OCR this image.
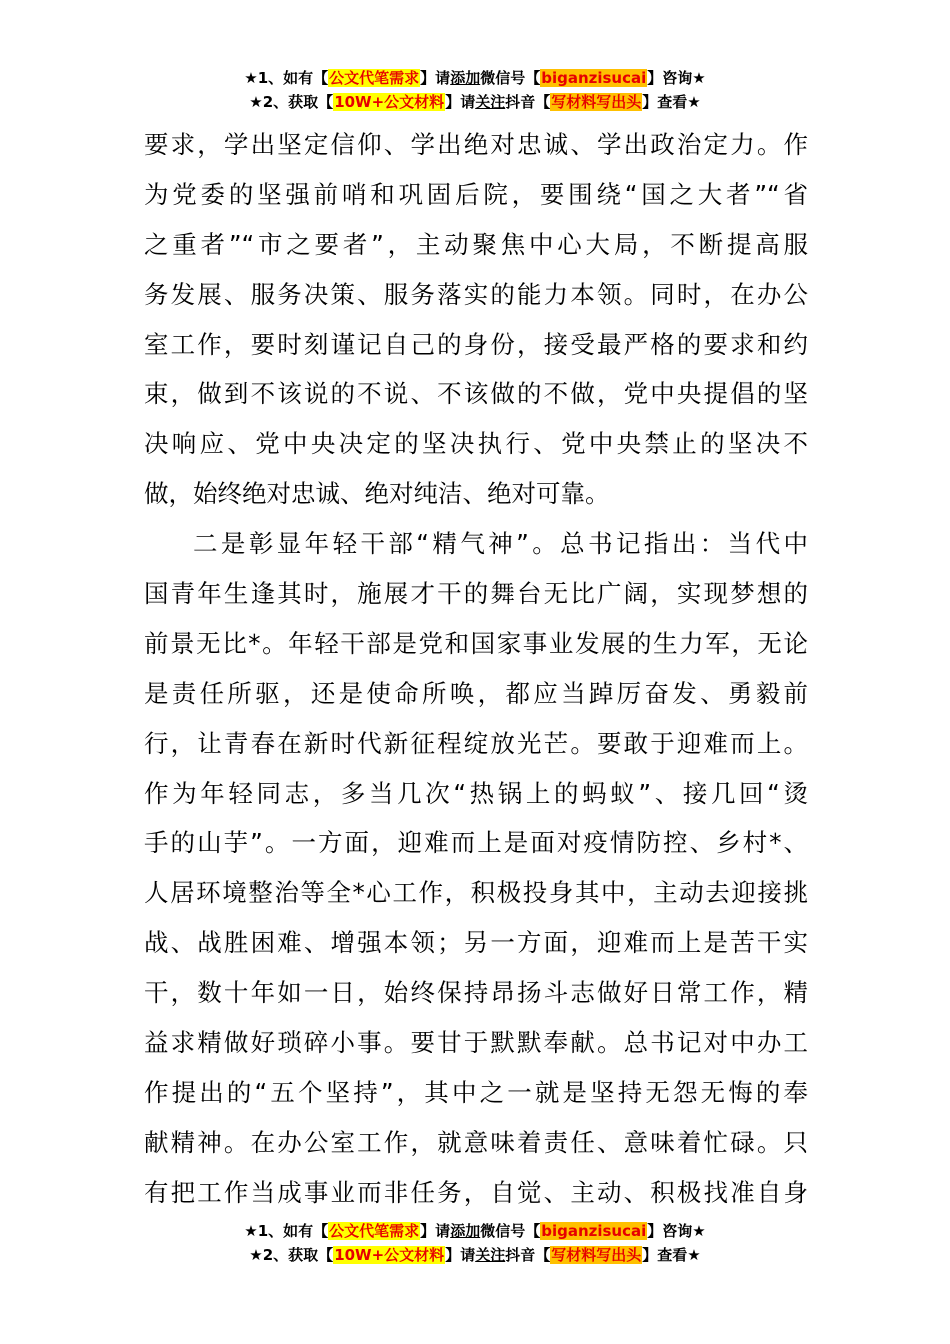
★1、如有【公文代笔需求】请添加微信号【biganzisucai】咨询★
★2、获取【10W+公文材料】请关注抖音【写材料写出头】查看★
要求，学出坚定信仰、学出绝对忠诚、学出政治定力。作
为党委的坚强前哨和巩固后院，要围绕“国之大者”“省
之重者”“市之要者”，主动聚焦中心大局，不断提高服
务发展、服务决策、服务落实的能力本领。同时，在办公
室工作，要时刻谨记自己的身份，接受最严格的要求和约
束，做到不该说的不说、不该做的不做，党中央提倡的坚
决响应、党中央决定的坚决执行、党中央禁止的坚决不
做，始终绝对忠诚、绝对纯洁、绝对可靠。
二是彰显年轻干部“精气神”。总书记指出：当代中
国青年生逢其时，施展才干的舞台无比广阔，实现梦想的
前景无比*。年轻干部是党和国家事业发展的生力军，无论
是责任所驱，还是使命所唤，都应当踔厉奋发、勇毅前
行，让青春在新时代新征程绽放光芒。要敢于迎难而上。
作为年轻同志，多当几次“热锅上的蚂蚁”、接几回“烫
手的山芋”。一方面，迎难而上是面对疫情防控、乡村*、
人居环境整治等全*心工作，积极投身其中，主动去迎接挑
战、战胜困难、增强本领；另一方面，迎难而上是苦干实
干，数十年如一日，始终保持昂扬斗志做好日常工作，精
益求精做好琐碎小事。要甘于默默奉献。总书记对中办工
作提出的“五个坚持”，其中之一就是坚持无怨无悔的奉
献精神。在办公室工作，就意味着责任、意味着忙碌。只
有把工作当成事业而非任务，自觉、主动、积极找准自身
★1、如有【公文代笔需求】请添加微信号【biganzisucai】咨询★
★2、获取【10W+公文材料】请关注抖音【写材料写出头】查看★
